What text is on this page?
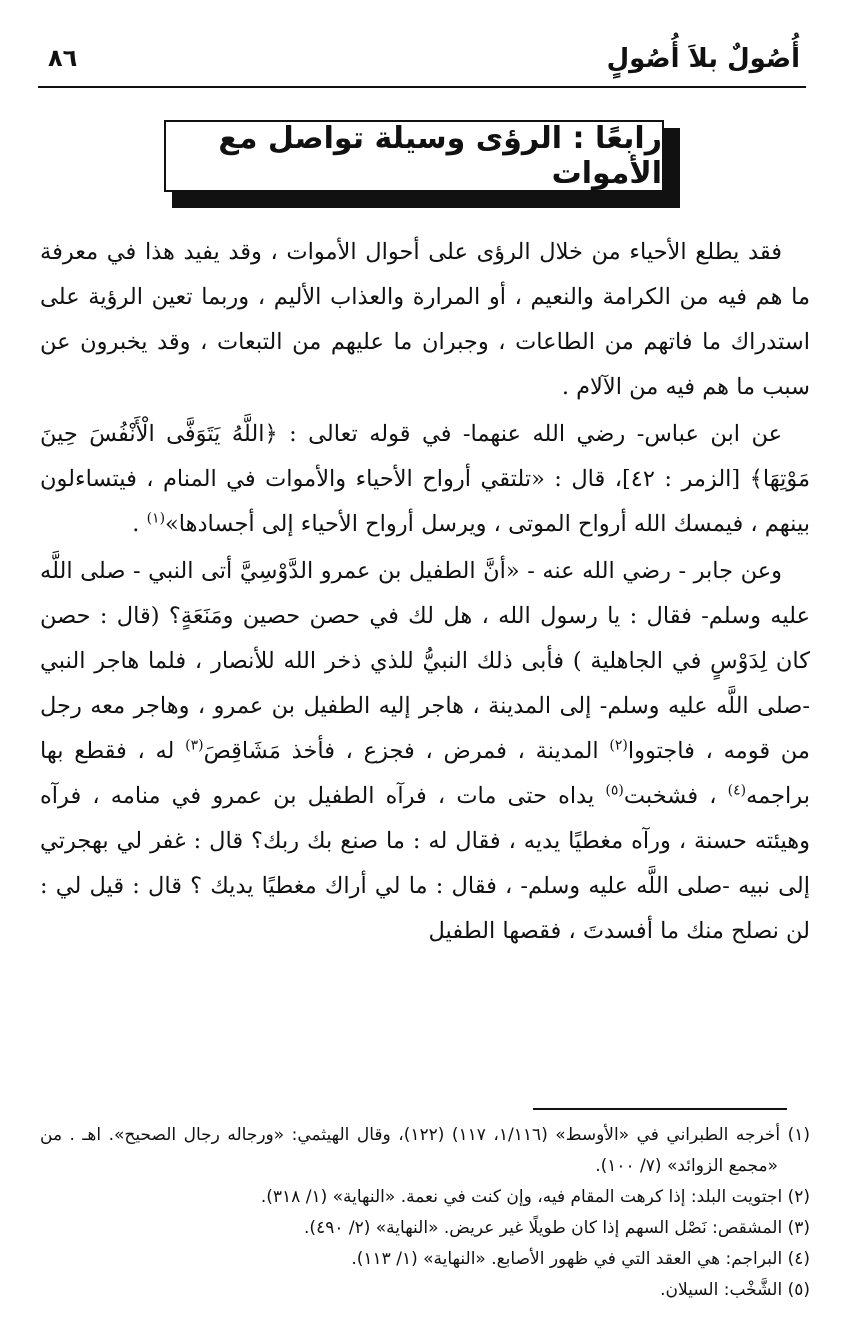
أُصُولٌ بلاَ أُصُولٍ
٨٦
رابعًا : الرؤى وسيلة تواصل مع الأموات

فقد يطلع الأحياء من خلال الرؤى على أحوال الأموات ، وقد يفيد هذا في معرفة ما هم فيه من الكرامة والنعيم ، أو المرارة والعذاب الأليم ، وربما تعين الرؤية على استدراك ما فاتهم من الطاعات ، وجبران ما عليهم من التبعات ، وقد يخبرون عن سبب ما هم فيه من الآلام .

عن ابن عباس- رضي الله عنهما- في قوله تعالى : ﴿اللَّهُ يَتَوَفَّى الْأَنْفُسَ حِينَ مَوْتِهَا﴾ [الزمر : ٤٢]، قال : «تلتقي أرواح الأحياء والأموات في المنام ، فيتساءلون بينهم ، فيمسك الله أرواح الموتى ، ويرسل أرواح الأحياء إلى أجسادها»$^{(١)}$ .

وعن جابر - رضي الله عنه - «أنَّ الطفيل بن عمرو الدَّوْسِيَّ أتى النبي - صلى اللَّه عليه وسلم- فقال : يا رسول الله ، هل لك في حصن حصين ومَنَعَةٍ؟ (قال : حصن كان لِدَوْسٍ في الجاهلية ) فأبى ذلك النبيُّ للذي ذخر الله للأنصار ، فلما هاجر النبي -صلى اللَّه عليه وسلم- إلى المدينة ، هاجر إليه الطفيل بن عمرو ، وهاجر معه رجل من قومه ، فاجتووا$^{(٢)}$ المدينة ، فمرض ، فجزع ، فأخذ مَشَاقِصَ$^{(٣)}$ له ، فقطع بها براجمه$^{(٤)}$ ، فشخبت$^{(٥)}$ يداه حتى مات ، فرآه الطفيل بن عمرو في منامه ، فرآه وهيئته حسنة ، ورآه مغطيًا يديه ، فقال له : ما صنع بك ربك؟ قال : غفر لي بهجرتي إلى نبيه -صلى اللَّه عليه وسلم- ، فقال : ما لي أراك مغطيًا يديك ؟ قال : قيل لي : لن نصلح منك ما أفسدتَ ، فقصها الطفيل

(١) أخرجه الطبراني في «الأوسط» (١/١١٦، ١١٧) (١٢٢)، وقال الهيثمي: «ورجاله رجال الصحيح». اهـ . من «مجمع الزوائد» (٧/ ١٠٠).

(٢) اجتويت البلد: إذا كرهت المقام فيه، وإن كنت في نعمة. «النهاية» (١/ ٣١٨).

(٣) المشقص: نَصْل السهم إذا كان طويلًا غير عريض. «النهاية» (٢/ ٤٩٠).

(٤) البراجم: هي العقد التي في ظهور الأصابع. «النهاية» (١/ ١١٣).

(٥) الشَّخْب: السيلان.
